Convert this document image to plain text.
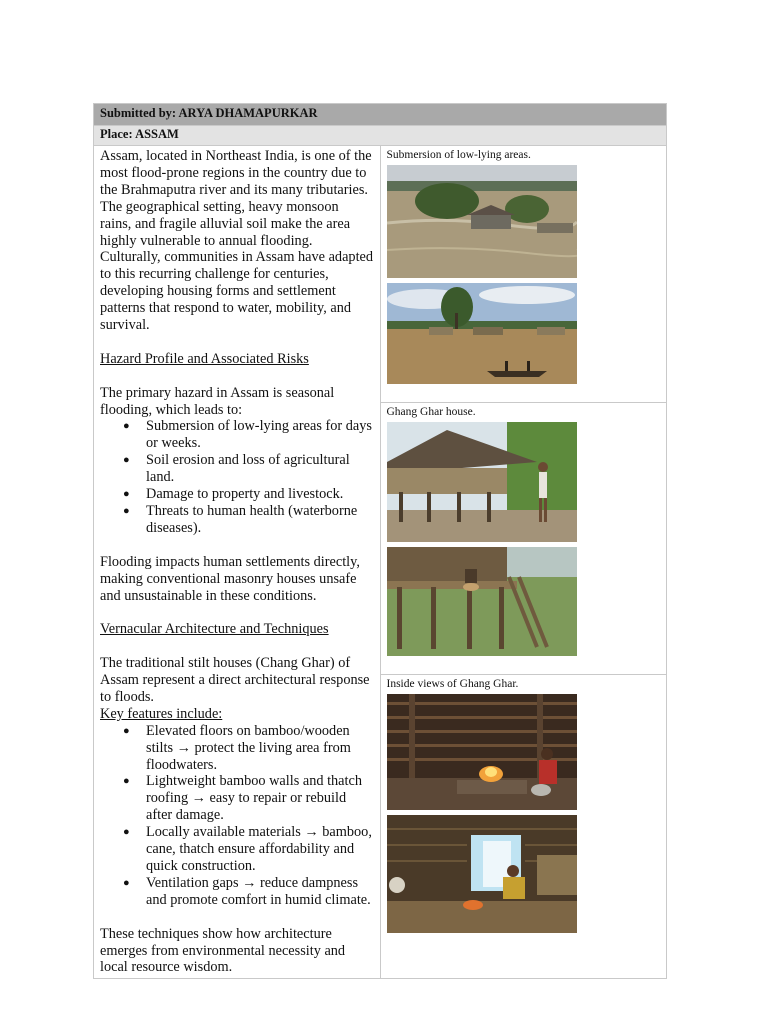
Submitted by: ARYA DHAMAPURKAR
Place: ASSAM

Assam, located in Northeast India, is one of the most flood-prone regions in the country due to the Brahmaputra river and its many tributaries. The geographical setting, heavy monsoon rains, and fragile alluvial soil make the area highly vulnerable to annual flooding. Culturally, communities in Assam have adapted to this recurring challenge for centuries, developing housing forms and settlement patterns that respond to water, mobility, and survival.

Hazard Profile and Associated Risks

The primary hazard in Assam is seasonal flooding, which leads to:

● Submersion of low-lying areas for days or weeks.
● Soil erosion and loss of agricultural land.
● Damage to property and livestock.
● Threats to human health (waterborne diseases).

Flooding impacts human settlements directly, making conventional masonry houses unsafe and unsustainable in these conditions.

Vernacular Architecture and Techniques

The traditional stilt houses (Chang Ghar) of Assam represent a direct architectural response to floods.

Key features include:

● Elevated floors on bamboo/wooden stilts → protect the living area from floodwaters.
● Lightweight bamboo walls and thatch roofing → easy to repair or rebuild after damage.
● Locally available materials → bamboo, cane, thatch ensure affordability and quick construction.
● Ventilation gaps → reduce dampness and promote comfort in humid climate.

These techniques show how architecture emerges from environmental necessity and local resource wisdom.

Submersion of low-lying areas.

Ghang Ghar house.

Inside views of Ghang Ghar.
